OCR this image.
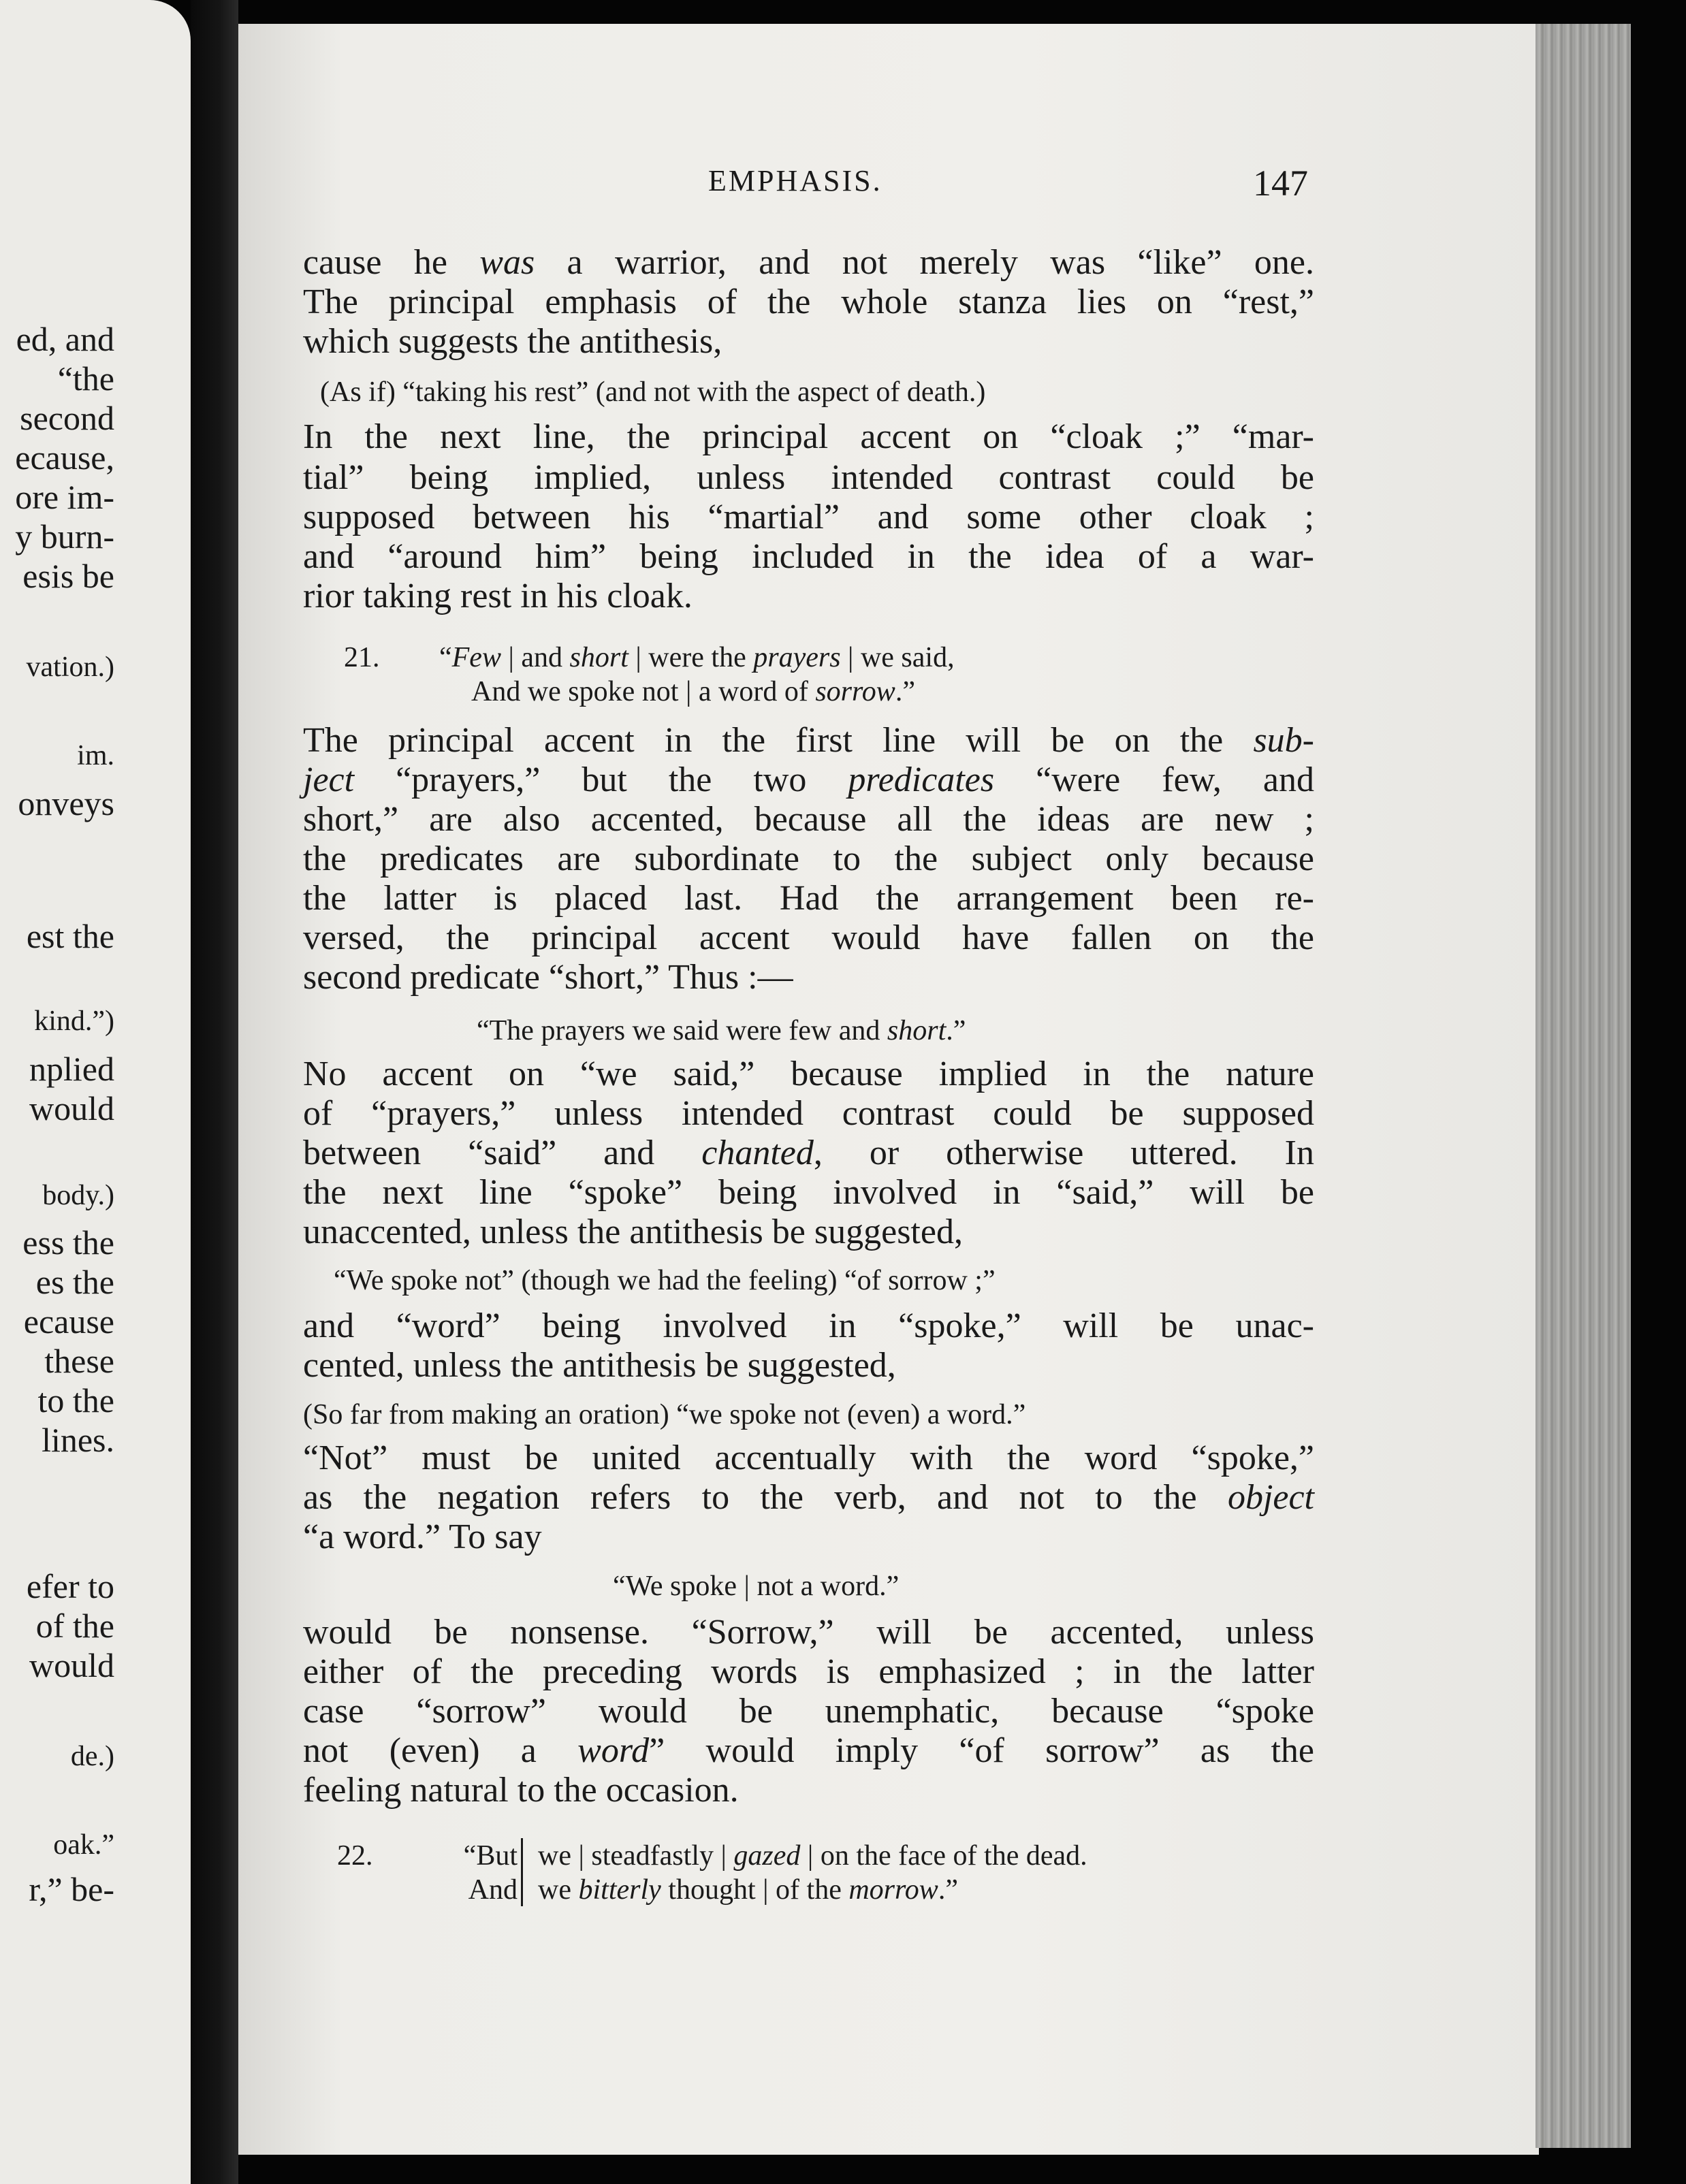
ed, and
“the
second
ecause,
ore im-
y burn-
esis be
vation.)
im.
onveys
est the
kind.”)
nplied
would
body.)
ess the
es the
ecause
these
to the
lines.
efer to
of the
would
de.)
oak.”
r,” be-
EMPHASIS.	147
cause he was a warrior, and not merely was “like” one.
The principal emphasis of the whole stanza lies on “rest,”
which suggests the antithesis,
(As if) “taking his rest” (and not with the aspect of death.)
In the next line, the principal accent on “cloak ;” “mar-
tial” being implied, unless intended contrast could be
supposed between his “martial” and some other cloak ;
and “around him” being included in the idea of a war-
rior taking rest in his cloak.
21. “Few | and short | were the prayers | we said,
And we spoke not | a word of sorrow.”
The principal accent in the first line will be on the sub-
ject “prayers,” but the two predicates “were few, and
short,” are also accented, because all the ideas are new ;
the predicates are subordinate to the subject only because
the latter is placed last. Had the arrangement been re-
versed, the principal accent would have fallen on the
second predicate “short,” Thus :—
“The prayers we said were few and short.”
No accent on “we said,” because implied in the nature
of “prayers,” unless intended contrast could be supposed
between “said” and chanted, or otherwise uttered. In
the next line “spoke” being involved in “said,” will be
unaccented, unless the antithesis be suggested,
“We spoke not” (though we had the feeling) “of sorrow ;”
and “word” being involved in “spoke,” will be unac-
cented, unless the antithesis be suggested,
(So far from making an oration) “we spoke not (even) a word.”
“Not” must be united accentually with the word “spoke,”
as the negation refers to the verb, and not to the object
“a word.” To say
“We spoke | not a word.”
would be nonsense. “Sorrow,” will be accented, unless
either of the preceding words is emphasized ; in the latter
case “sorrow” would be unemphatic, because “spoke
not (even) a word” would imply “of sorrow” as the
feeling natural to the occasion.
22.	“But we | steadfastly | gazed | on the face of the dead.
And we bitterly thought | of the morrow.”
